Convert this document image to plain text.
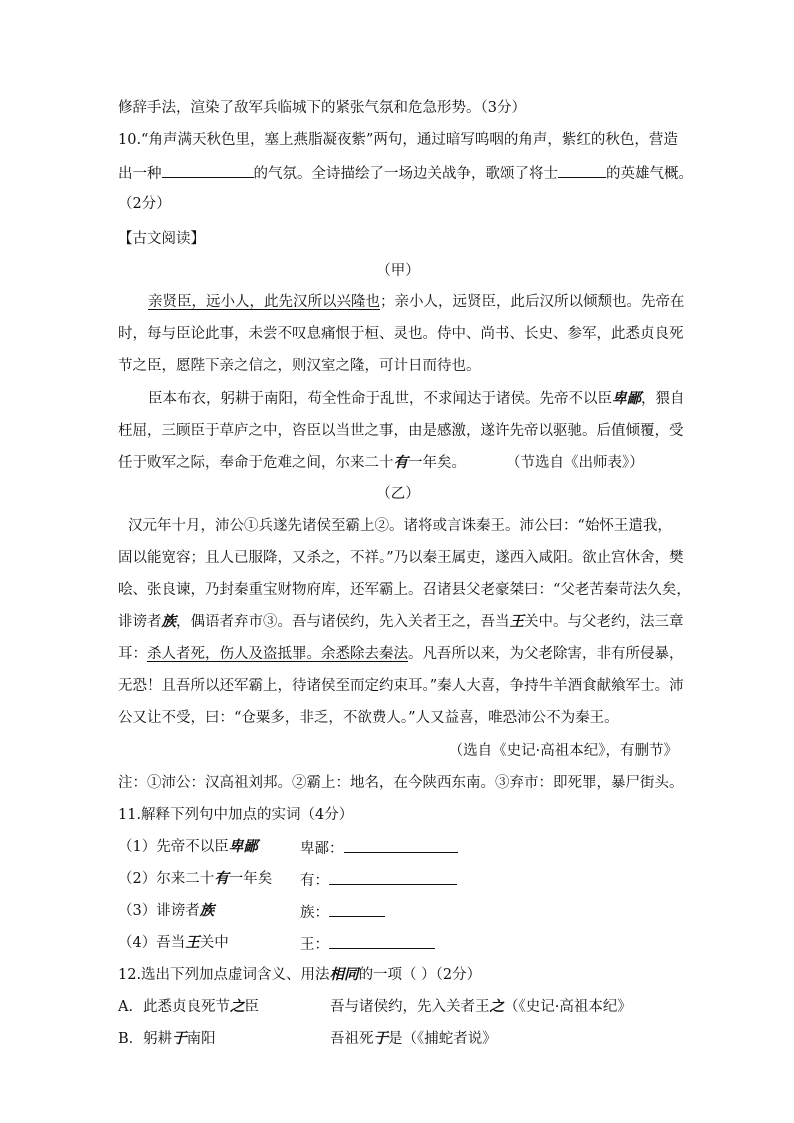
修辞手法，渲染了敌军兵临城下的紧张气氛和危急形势。（3分）
10.“角声满天秋色里，塞上燕脂凝夜紫”两句，通过暗写呜咽的角声，紫红的秋色，营造
出一种	的气氛。全诗描绘了一场边关战争，歌颂了将士	的英雄气概。
（2分）
【古文阅读】
（甲）
亲贤臣，远小人，此先汉所以兴隆也；亲小人，远贤臣，此后汉所以倾颓也。先帝在
时，每与臣论此事，未尝不叹息痛恨于桓、灵也。侍中、尚书、长史、参军，此悉贞良死
节之臣，愿陛下亲之信之，则汉室之隆，可计日而待也。
臣本布衣，躬耕于南阳，苟全性命于乱世，不求闻达于诸侯。先帝不以臣卑鄙，猥自
枉屈，三顾臣于草庐之中，咨臣以当世之事，由是感激，遂许先帝以驱驰。后值倾覆，受
任于败军之际，奉命于危难之间，尔来二十有一年矣。	（节选自《出师表》）
（乙）
汉元年十月，沛公①兵遂先诸侯至霸上②。诸将或言诛秦王。沛公曰：“始怀王遣我，
固以能宽容；且人已服降，又杀之，不祥。”乃以秦王属吏，遂西入咸阳。欲止宫休舍，樊
哙、张良谏，乃封秦重宝财物府库，还军霸上。召诸县父老豪桀曰：“父老苦秦苛法久矣，
诽谤者族，偶语者弃市③。吾与诸侯约，先入关者王之，吾当王关中。与父老约，法三章
耳：杀人者死，伤人及盗抵罪。余悉除去秦法。凡吾所以来，为父老除害，非有所侵暴，
无恐！且吾所以还军霸上，待诸侯至而定约束耳。”秦人大喜，争持牛羊酒食献飨军士。沛
公又让不受，曰：“仓粟多，非乏，不欲费人。”人又益喜，唯恐沛公不为秦王。
（选自《史记·高祖本纪》，有删节》
注：①沛公：汉高祖刘邦。②霸上：地名，在今陕西东南。③弃市：即死罪，暴尸街头。
11.解释下列句中加点的实词（4分）
（1）先帝不以臣卑鄙	卑鄙：
（2）尔来二十有一年矣 有：
（3）诽谤者族	族：
（4）吾当王关中	王：
12.选出下列加点虚词含义、用法相同的一项（ ）（2分）
A．此悉贞良死节之臣	吾与诸侯约，先入关者王之（《史记·高祖本纪》
B．躬耕于南阳	吾祖死于是（《捕蛇者说》
